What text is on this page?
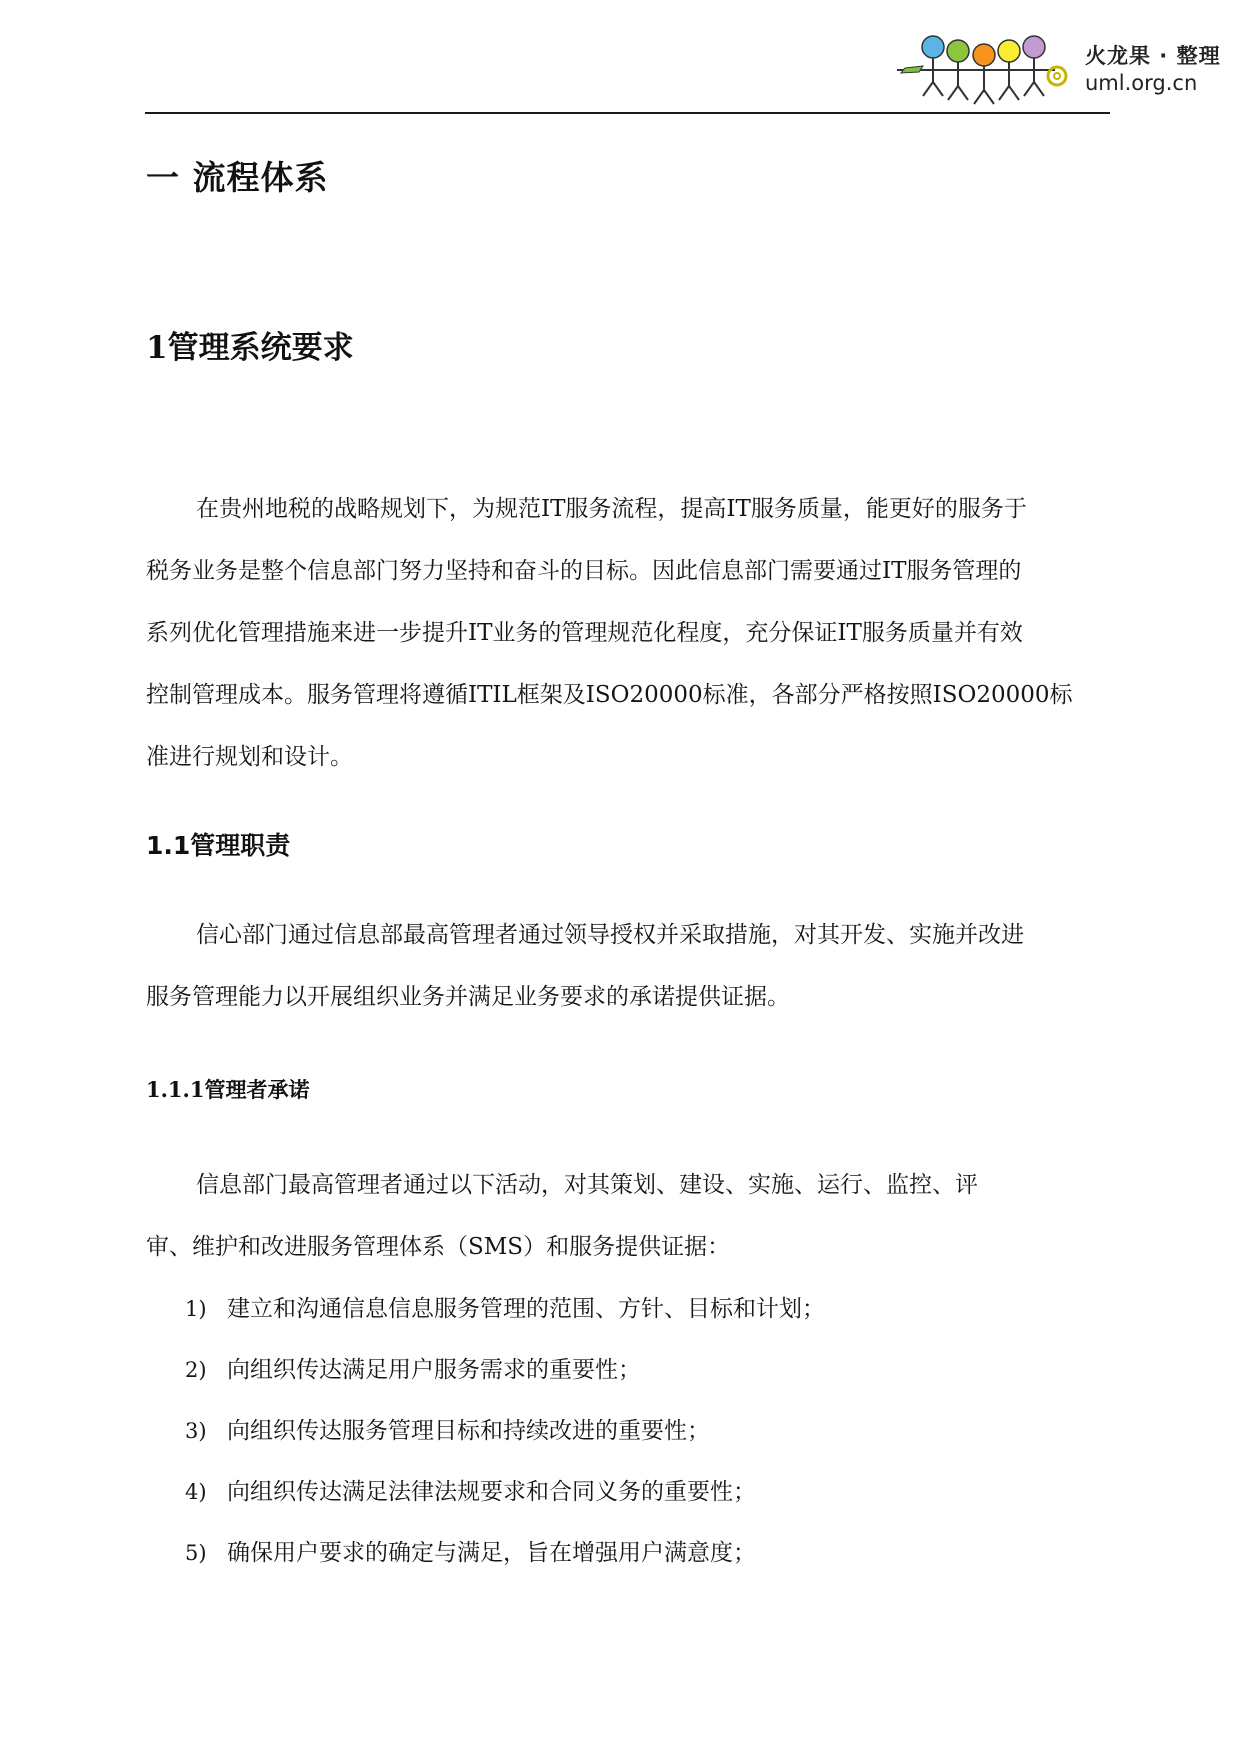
火龙果 · 整理
uml.org.cn
一 流程体系
1管理系统要求
在贵州地税的战略规划下，为规范IT服务流程，提高IT服务质量，能更好的服务于
税务业务是整个信息部门努力坚持和奋斗的目标。因此信息部门需要通过IT服务管理的
系列优化管理措施来进一步提升IT业务的管理规范化程度，充分保证IT服务质量并有效
控制管理成本。服务管理将遵循ITIL框架及ISO20000标准，各部分严格按照ISO20000标
准进行规划和设计。
1.1管理职责
信心部门通过信息部最高管理者通过领导授权并采取措施，对其开发、实施并改进
服务管理能力以开展组织业务并满足业务要求的承诺提供证据。
1.1.1管理者承诺
信息部门最高管理者通过以下活动，对其策划、建设、实施、运行、监控、评
审、维护和改进服务管理体系（SMS）和服务提供证据：
1) 建立和沟通信息信息服务管理的范围、方针、目标和计划；
2) 向组织传达满足用户服务需求的重要性；
3) 向组织传达服务管理目标和持续改进的重要性；
4) 向组织传达满足法律法规要求和合同义务的重要性；
5) 确保用户要求的确定与满足，旨在增强用户满意度；
